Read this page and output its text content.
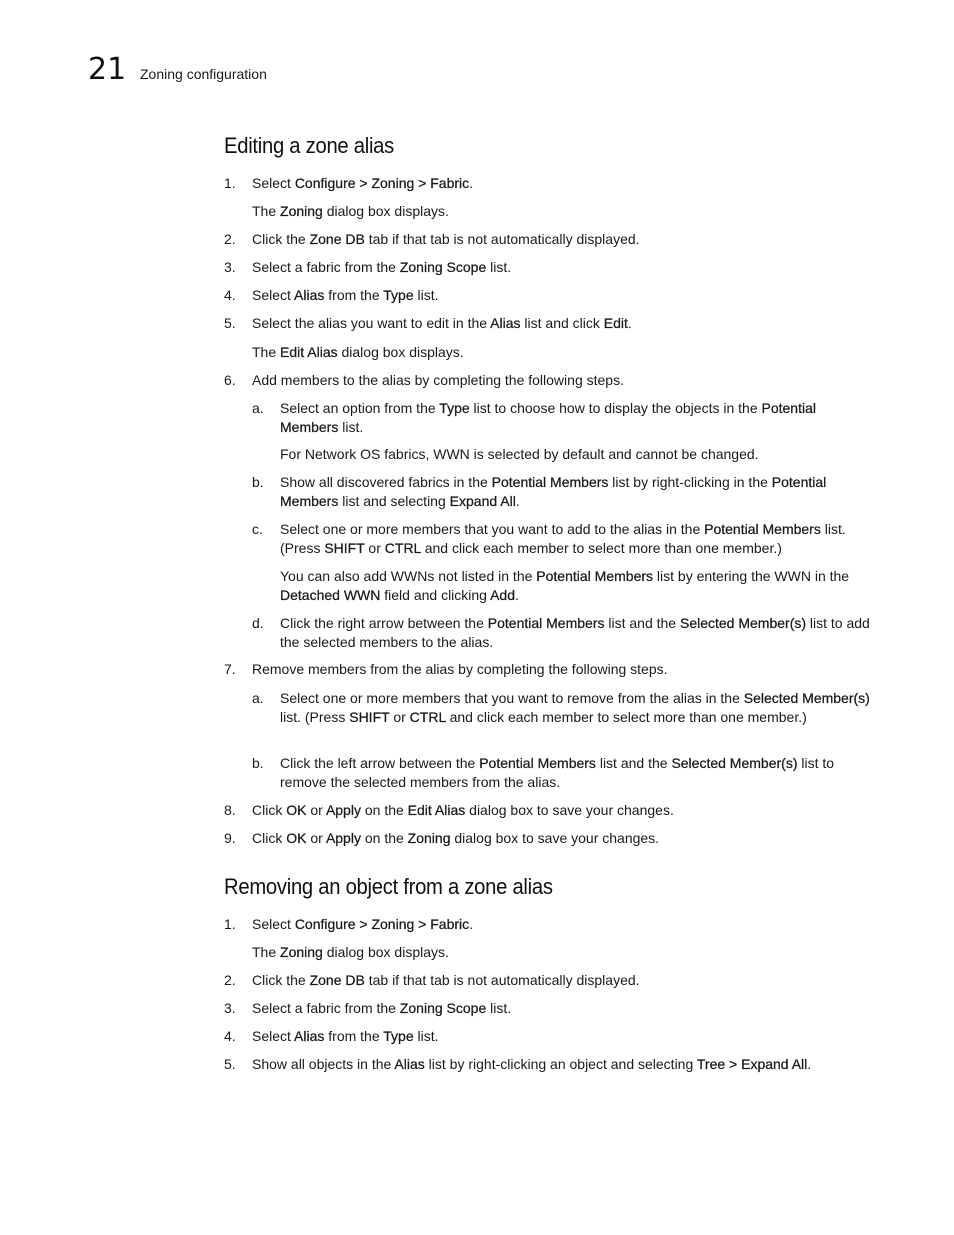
21 Zoning configuration
Editing a zone alias
1. Select Configure > Zoning > Fabric.
The Zoning dialog box displays.
2. Click the Zone DB tab if that tab is not automatically displayed.
3. Select a fabric from the Zoning Scope list.
4. Select Alias from the Type list.
5. Select the alias you want to edit in the Alias list and click Edit.
The Edit Alias dialog box displays.
6. Add members to the alias by completing the following steps.
a. Select an option from the Type list to choose how to display the objects in the Potential Members list.
For Network OS fabrics, WWN is selected by default and cannot be changed.
b. Show all discovered fabrics in the Potential Members list by right-clicking in the Potential Members list and selecting Expand All.
c. Select one or more members that you want to add to the alias in the Potential Members list. (Press SHIFT or CTRL and click each member to select more than one member.)
You can also add WWNs not listed in the Potential Members list by entering the WWN in the Detached WWN field and clicking Add.
d. Click the right arrow between the Potential Members list and the Selected Member(s) list to add the selected members to the alias.
7. Remove members from the alias by completing the following steps.
a. Select one or more members that you want to remove from the alias in the Selected Member(s) list. (Press SHIFT or CTRL and click each member to select more than one member.)
b. Click the left arrow between the Potential Members list and the Selected Member(s) list to remove the selected members from the alias.
8. Click OK or Apply on the Edit Alias dialog box to save your changes.
9. Click OK or Apply on the Zoning dialog box to save your changes.
Removing an object from a zone alias
1. Select Configure > Zoning > Fabric.
The Zoning dialog box displays.
2. Click the Zone DB tab if that tab is not automatically displayed.
3. Select a fabric from the Zoning Scope list.
4. Select Alias from the Type list.
5. Show all objects in the Alias list by right-clicking an object and selecting Tree > Expand All.
